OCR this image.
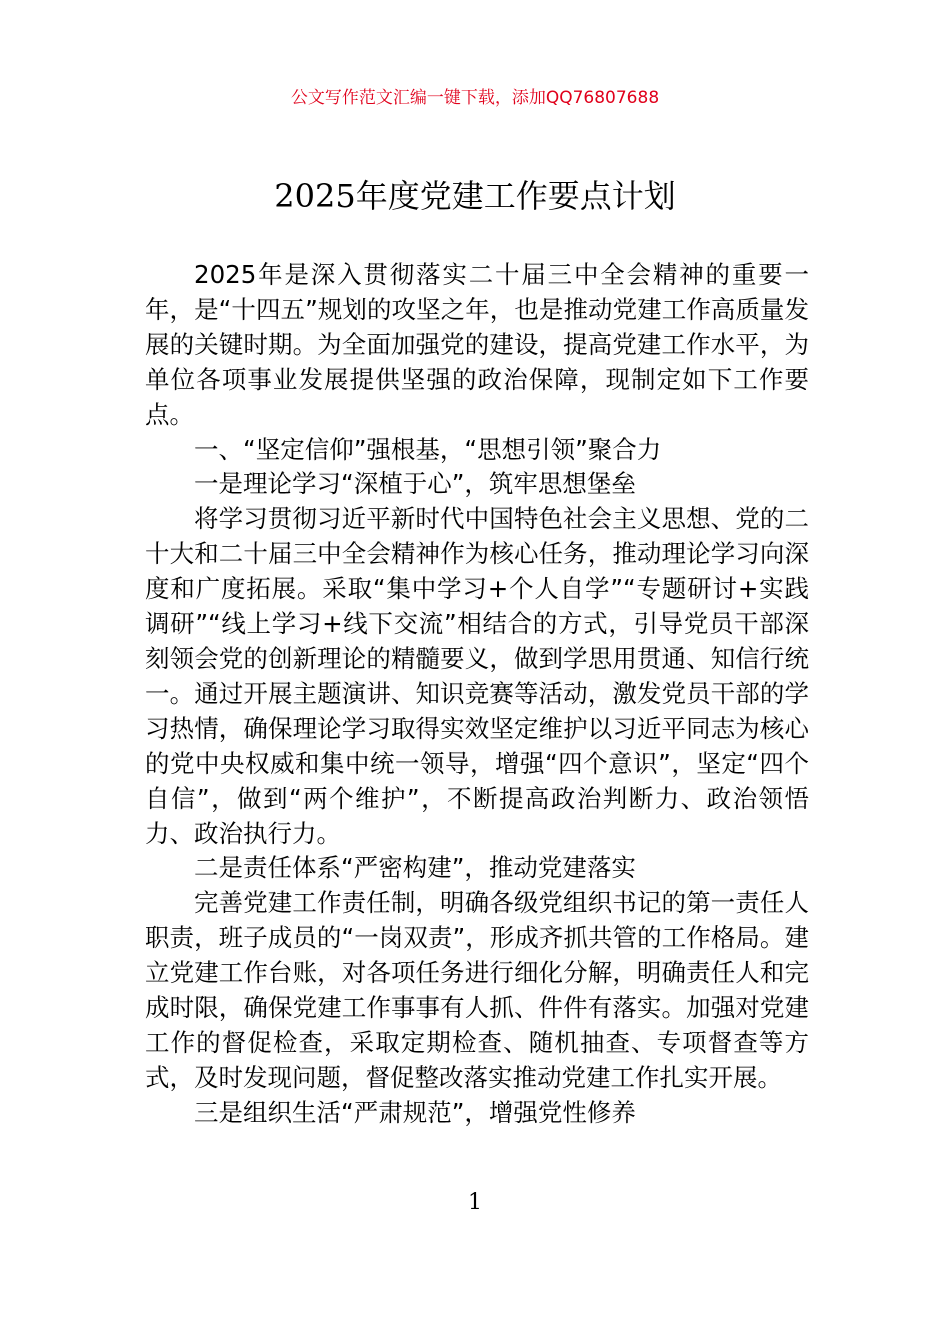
公文写作范文汇编一键下载，添加QQ76807688
2025年度党建工作要点计划

2025年是深入贯彻落实二十届三中全会精神的重要一年，是“十四五”规划的攻坚之年，也是推动党建工作高质量发展的关键时期。为全面加强党的建设，提高党建工作水平，为单位各项事业发展提供坚强的政治保障，现制定如下工作要点。

一、“坚定信仰”强根基，“思想引领”聚合力

一是理论学习“深植于心”，筑牢思想堡垒

将学习贯彻习近平新时代中国特色社会主义思想、党的二十大和二十届三中全会精神作为核心任务，推动理论学习向深度和广度拓展。采取“集中学习+个人自学”“专题研讨+实践调研”“线上学习+线下交流”相结合的方式，引导党员干部深刻领会党的创新理论的精髓要义，做到学思用贯通、知信行统一。通过开展主题演讲、知识竞赛等活动，激发党员干部的学习热情，确保理论学习取得实效坚定维护以习近平同志为核心的党中央权威和集中统一领导，增强“四个意识”，坚定“四个自信”，做到“两个维护”，不断提高政治判断力、政治领悟力、政治执行力。

二是责任体系“严密构建”，推动党建落实

完善党建工作责任制，明确各级党组织书记的第一责任人职责，班子成员的“一岗双责”，形成齐抓共管的工作格局。建立党建工作台账，对各项任务进行细化分解，明确责任人和完成时限，确保党建工作事事有人抓、件件有落实。加强对党建工作的督促检查，采取定期检查、随机抽查、专项督查等方式，及时发现问题，督促整改落实推动党建工作扎实开展。

三是组织生活“严肃规范”，增强党性修养

1
